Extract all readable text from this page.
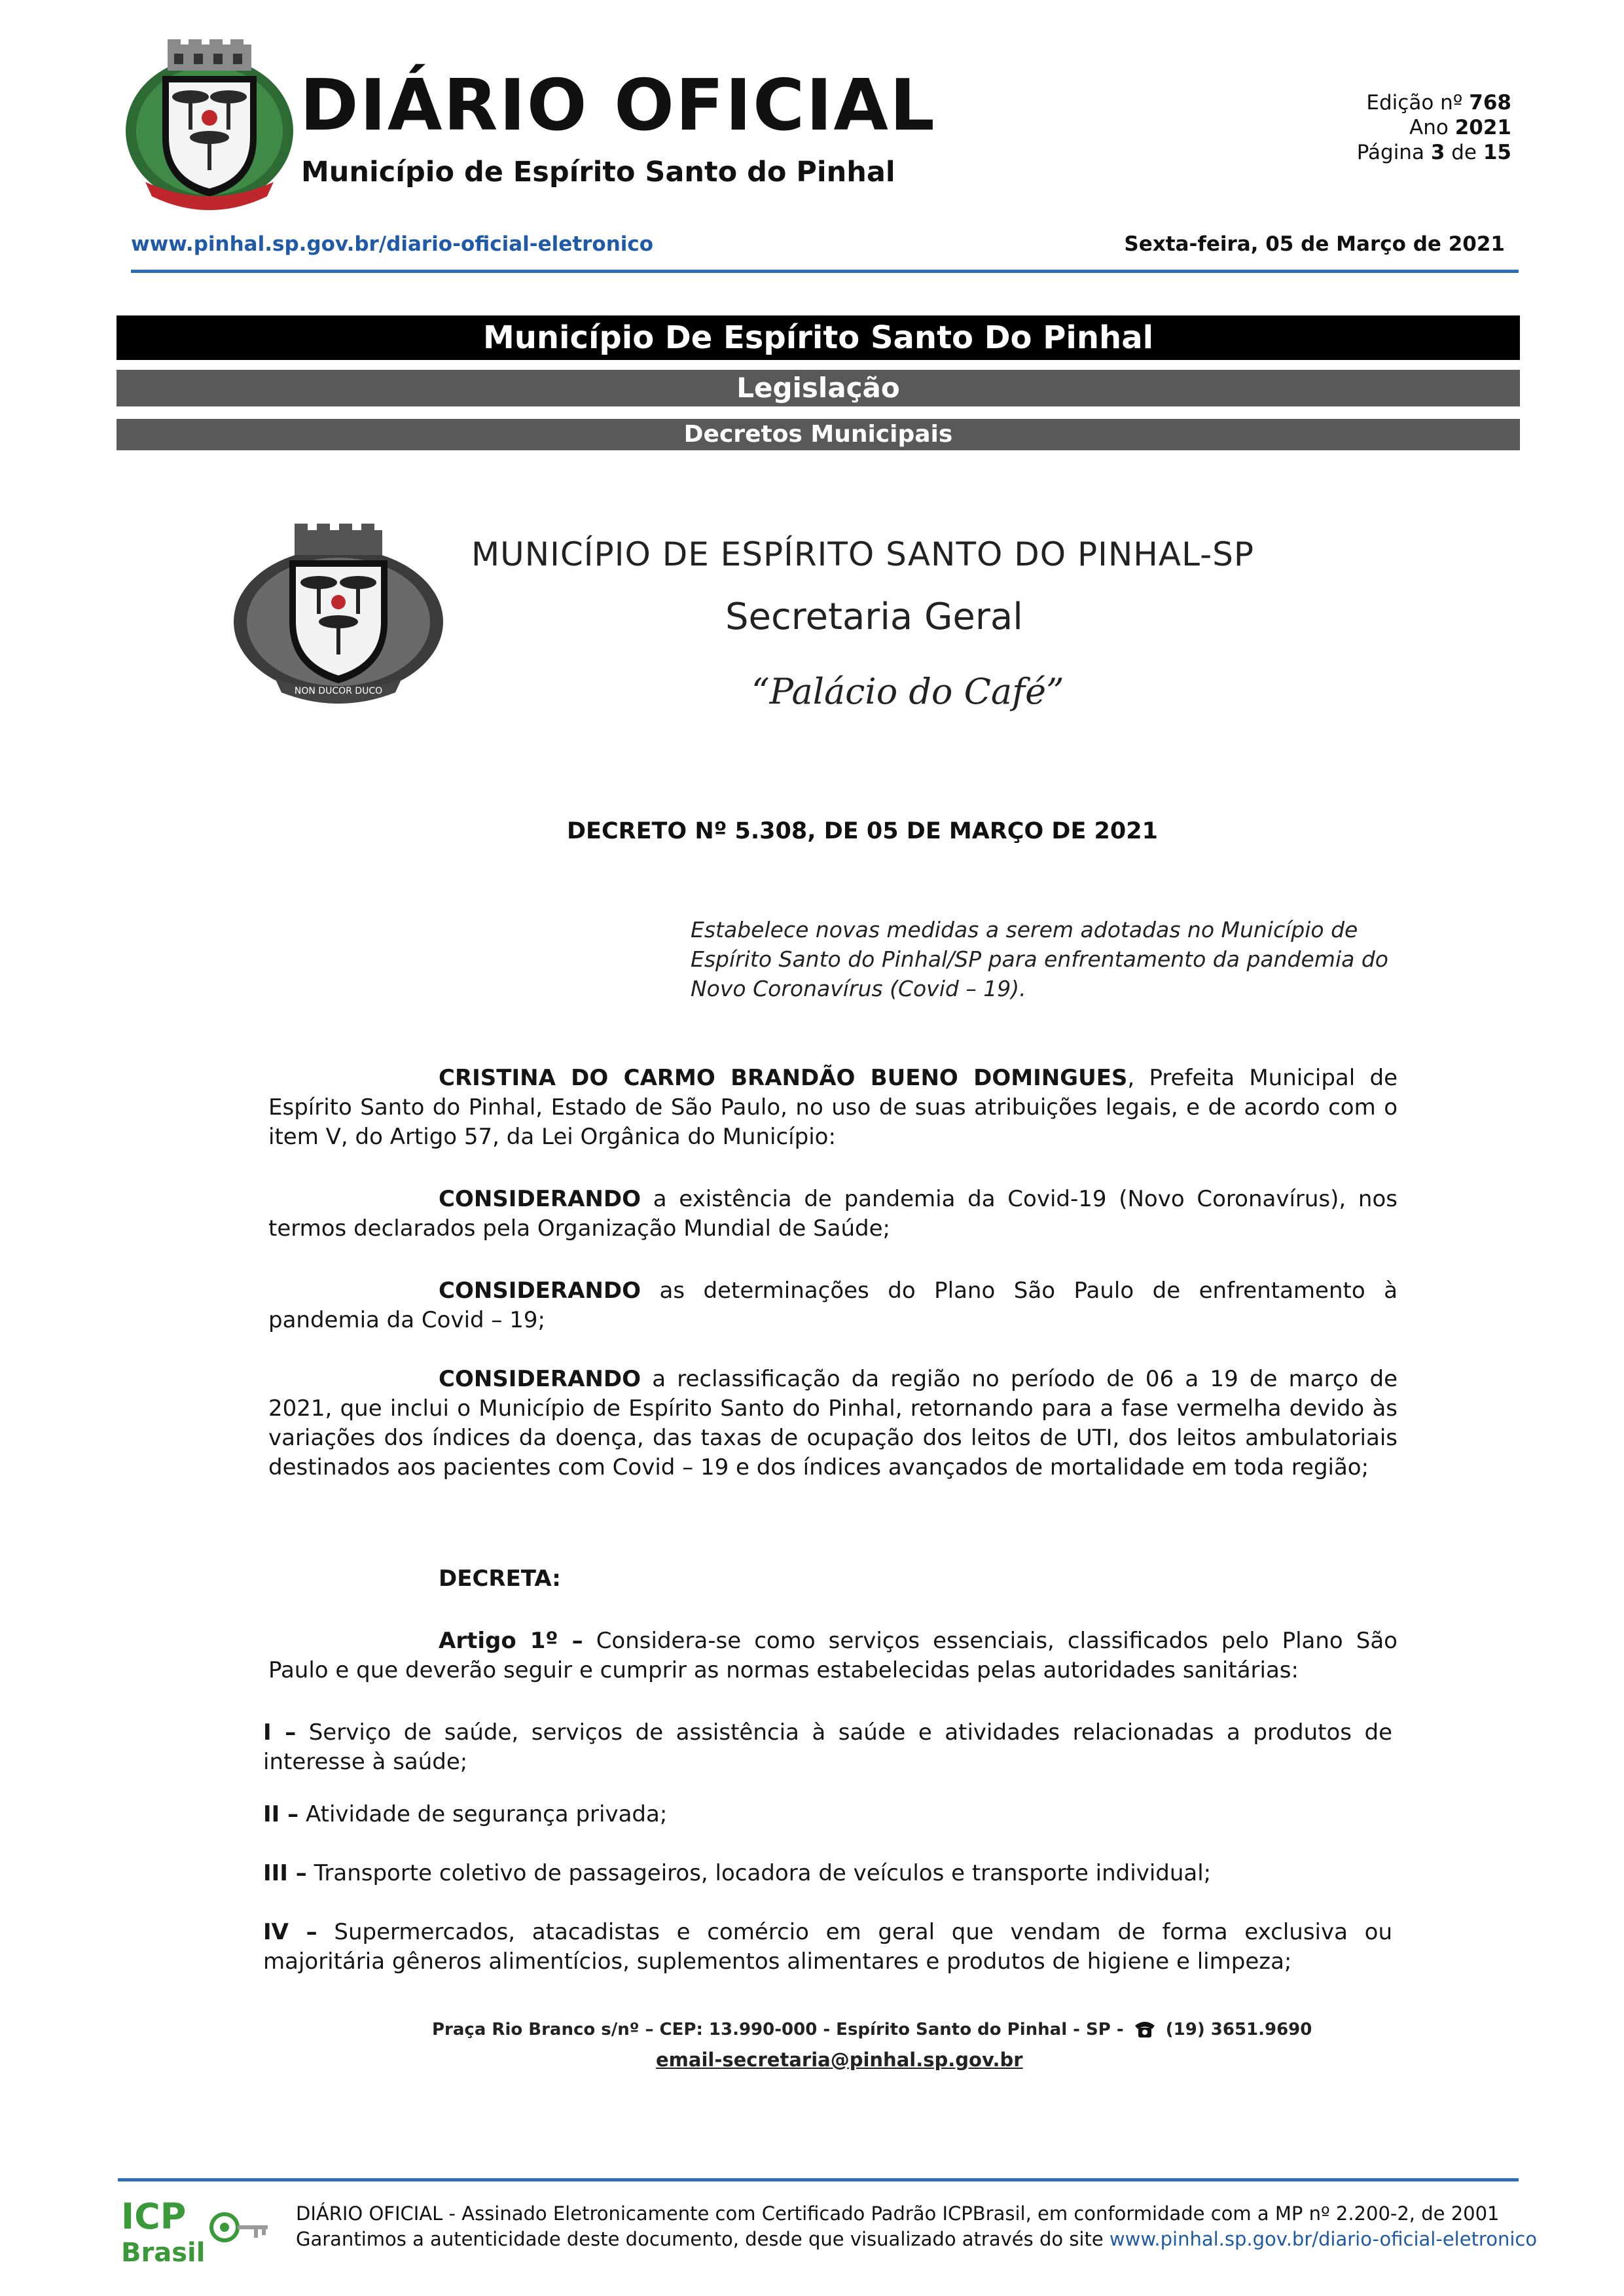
DIÁRIO OFICIAL
Município de Espírito Santo do Pinhal
Edição nº 768
Ano 2021
Página 3 de 15
www.pinhal.sp.gov.br/diario-oficial-eletronico	Sexta-feira, 05 de Março de 2021
Município De Espírito Santo Do Pinhal
Legislação
Decretos Municipais
NON DUCOR DUCO
MUNICÍPIO DE ESPÍRITO SANTO DO PINHAL-SP
Secretaria Geral
“Palácio do Café”
DECRETO Nº 5.308, DE 05 DE MARÇO DE 2021
Estabelece novas medidas a serem adotadas no Município de Espírito Santo do Pinhal/SP para enfrentamento da pandemia do Novo Coronavírus (Covid – 19).
CRISTINA DO CARMO BRANDÃO BUENO DOMINGUES, Prefeita Municipal de Espírito Santo do Pinhal, Estado de São Paulo, no uso de suas atribuições legais, e de acordo com o item V, do Artigo 57, da Lei Orgânica do Município:
CONSIDERANDO a existência de pandemia da Covid-19 (Novo Coronavírus), nos termos declarados pela Organização Mundial de Saúde;
CONSIDERANDO as determinações do Plano São Paulo de enfrentamento à pandemia da Covid – 19;
CONSIDERANDO a reclassificação da região no período de 06 a 19 de março de 2021, que inclui o Município de Espírito Santo do Pinhal, retornando para a fase vermelha devido às variações dos índices da doença, das taxas de ocupação dos leitos de UTI, dos leitos ambulatoriais destinados aos pacientes com Covid – 19 e dos índices avançados de mortalidade em toda região;
DECRETA:
Artigo 1º – Considera-se como serviços essenciais, classificados pelo Plano São Paulo e que deverão seguir e cumprir as normas estabelecidas pelas autoridades sanitárias:
I – Serviço de saúde, serviços de assistência à saúde e atividades relacionadas a produtos de interesse à saúde;
II – Atividade de segurança privada;
III – Transporte coletivo de passageiros, locadora de veículos e transporte individual;
IV – Supermercados, atacadistas e comércio em geral que vendam de forma exclusiva ou majoritária gêneros alimentícios, suplementos alimentares e produtos de higiene e limpeza;
Praça Rio Branco s/nº – CEP: 13.990-000 - Espírito Santo do Pinhal - SP - (19) 3651.9690
email-secretaria@pinhal.sp.gov.br
ICP
Brasil
DIÁRIO OFICIAL - Assinado Eletronicamente com Certificado Padrão ICPBrasil, em conformidade com a MP nº 2.200-2, de 2001
Garantimos a autenticidade deste documento, desde que visualizado através do site www.pinhal.sp.gov.br/diario-oficial-eletronico
